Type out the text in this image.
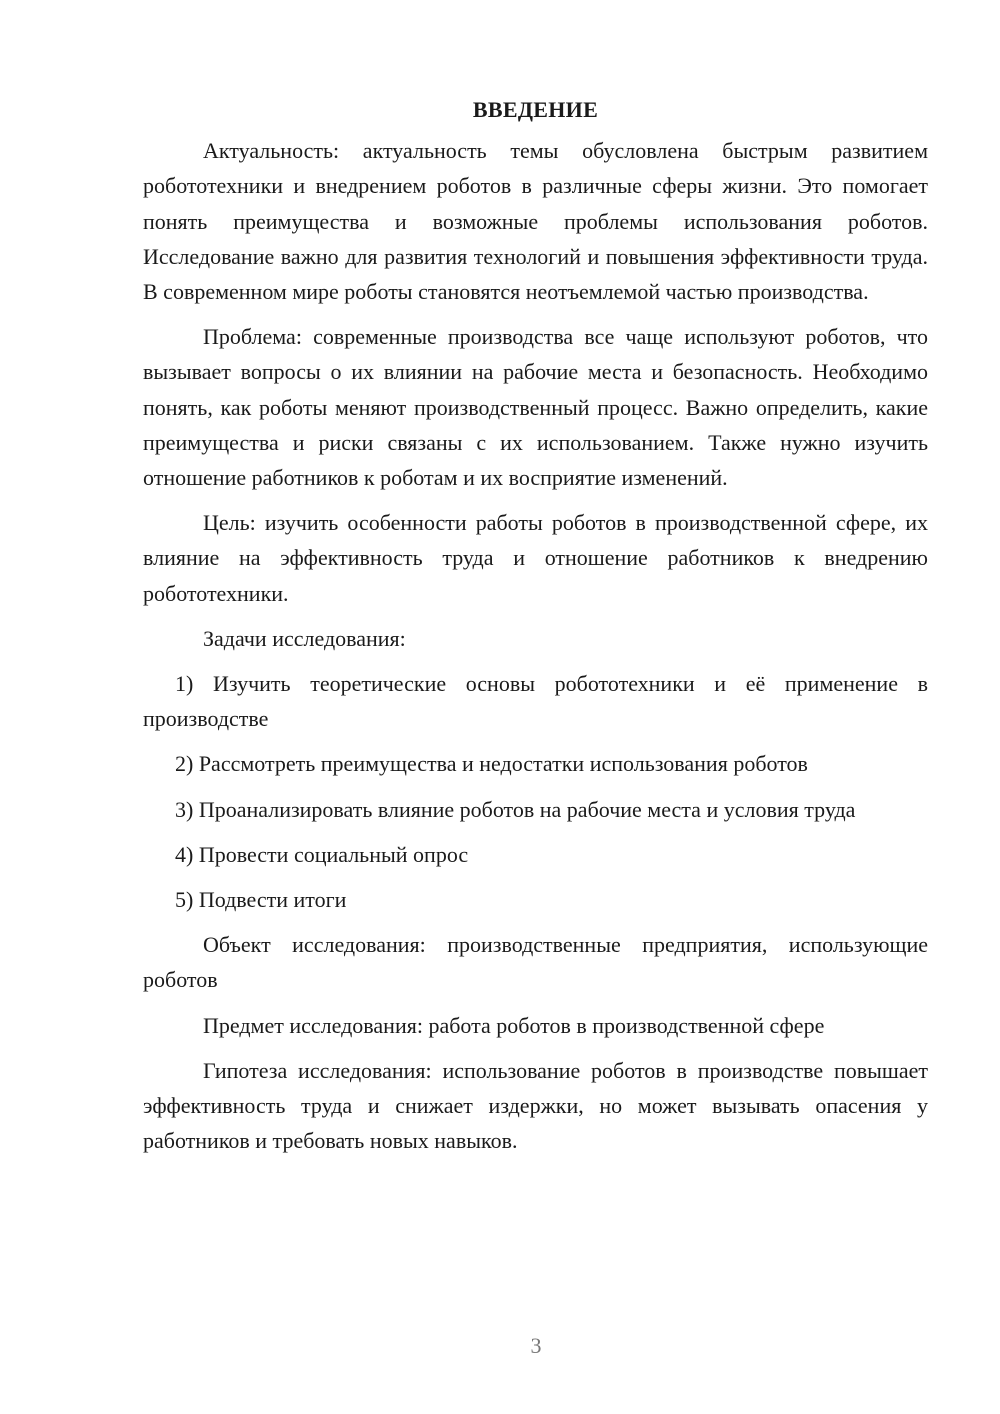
ВВЕДЕНИЕ

Актуальность: актуальность темы обусловлена быстрым развитием робототехники и внедрением роботов в различные сферы жизни. Это помогает понять преимущества и возможные проблемы использования роботов. Исследование важно для развития технологий и повышения эффективности труда. В современном мире роботы становятся неотъемлемой частью производства.

Проблема: современные производства все чаще используют роботов, что вызывает вопросы о их влиянии на рабочие места и безопасность. Необходимо понять, как роботы меняют производственный процесс. Важно определить, какие преимущества и риски связаны с их использованием. Также нужно изучить отношение работников к роботам и их восприятие изменений.

Цель: изучить особенности работы роботов в производственной сфере, их влияние на эффективность труда и отношение работников к внедрению робототехники.

Задачи исследования:

1) Изучить теоретические основы робототехники и её применение в производстве

2) Рассмотреть преимущества и недостатки использования роботов

3) Проанализировать влияние роботов на рабочие места и условия труда

4) Провести социальный опрос

5) Подвести итоги

Объект исследования: производственные предприятия, использующие роботов

Предмет исследования: работа роботов в производственной сфере

Гипотеза исследования: использование роботов в производстве повышает эффективность труда и снижает издержки, но может вызывать опасения у работников и требовать новых навыков.

3
